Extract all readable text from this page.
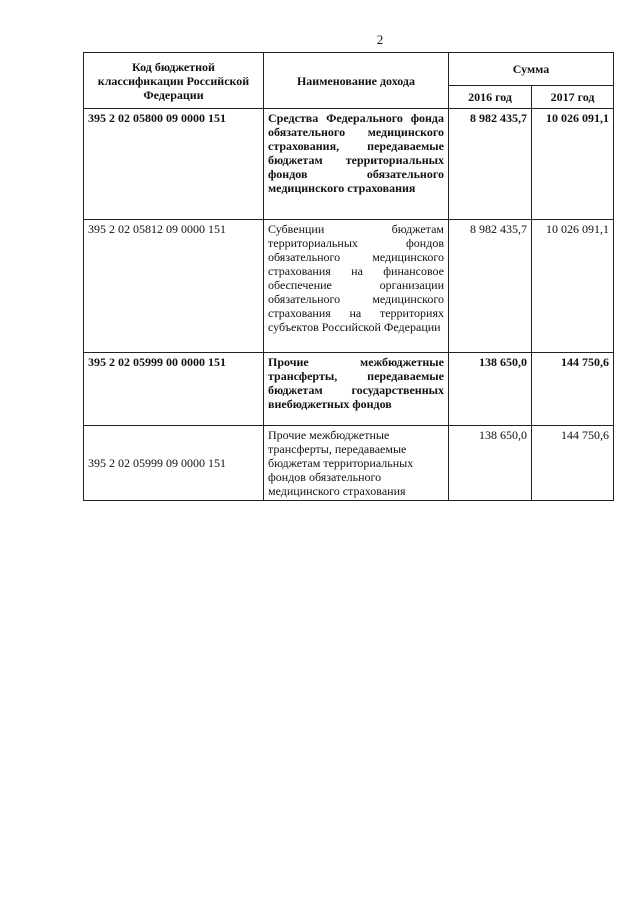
2
Код бюджетной классификации Российской Федерации	Наименование дохода	Сумма	
		2016 год	2017 год
395 2 02 05800 09 0000 151	Средства Федерального фонда обязательного медицинского страхования, передаваемые бюджетам территориальных фондов обязательного медицинского страхования	8 982 435,7	10 026 091,1
395 2 02 05812 09 0000 151	Субвенции бюджетам территориальных фондов обязательного медицинского страхования на финансовое обеспечение организации обязательного медицинского страхования на территориях субъектов Российской Федерации	8 982 435,7	10 026 091,1
395 2 02 05999 00 0000 151	Прочие межбюджетные трансферты, передаваемые бюджетам государственных внебюджетных фондов	138 650,0	144 750,6
395 2 02 05999 09 0000 151	Прочие межбюджетные трансферты, передаваемые бюджетам территориальных фондов обязательного медицинского страхования	138 650,0	144 750,6
